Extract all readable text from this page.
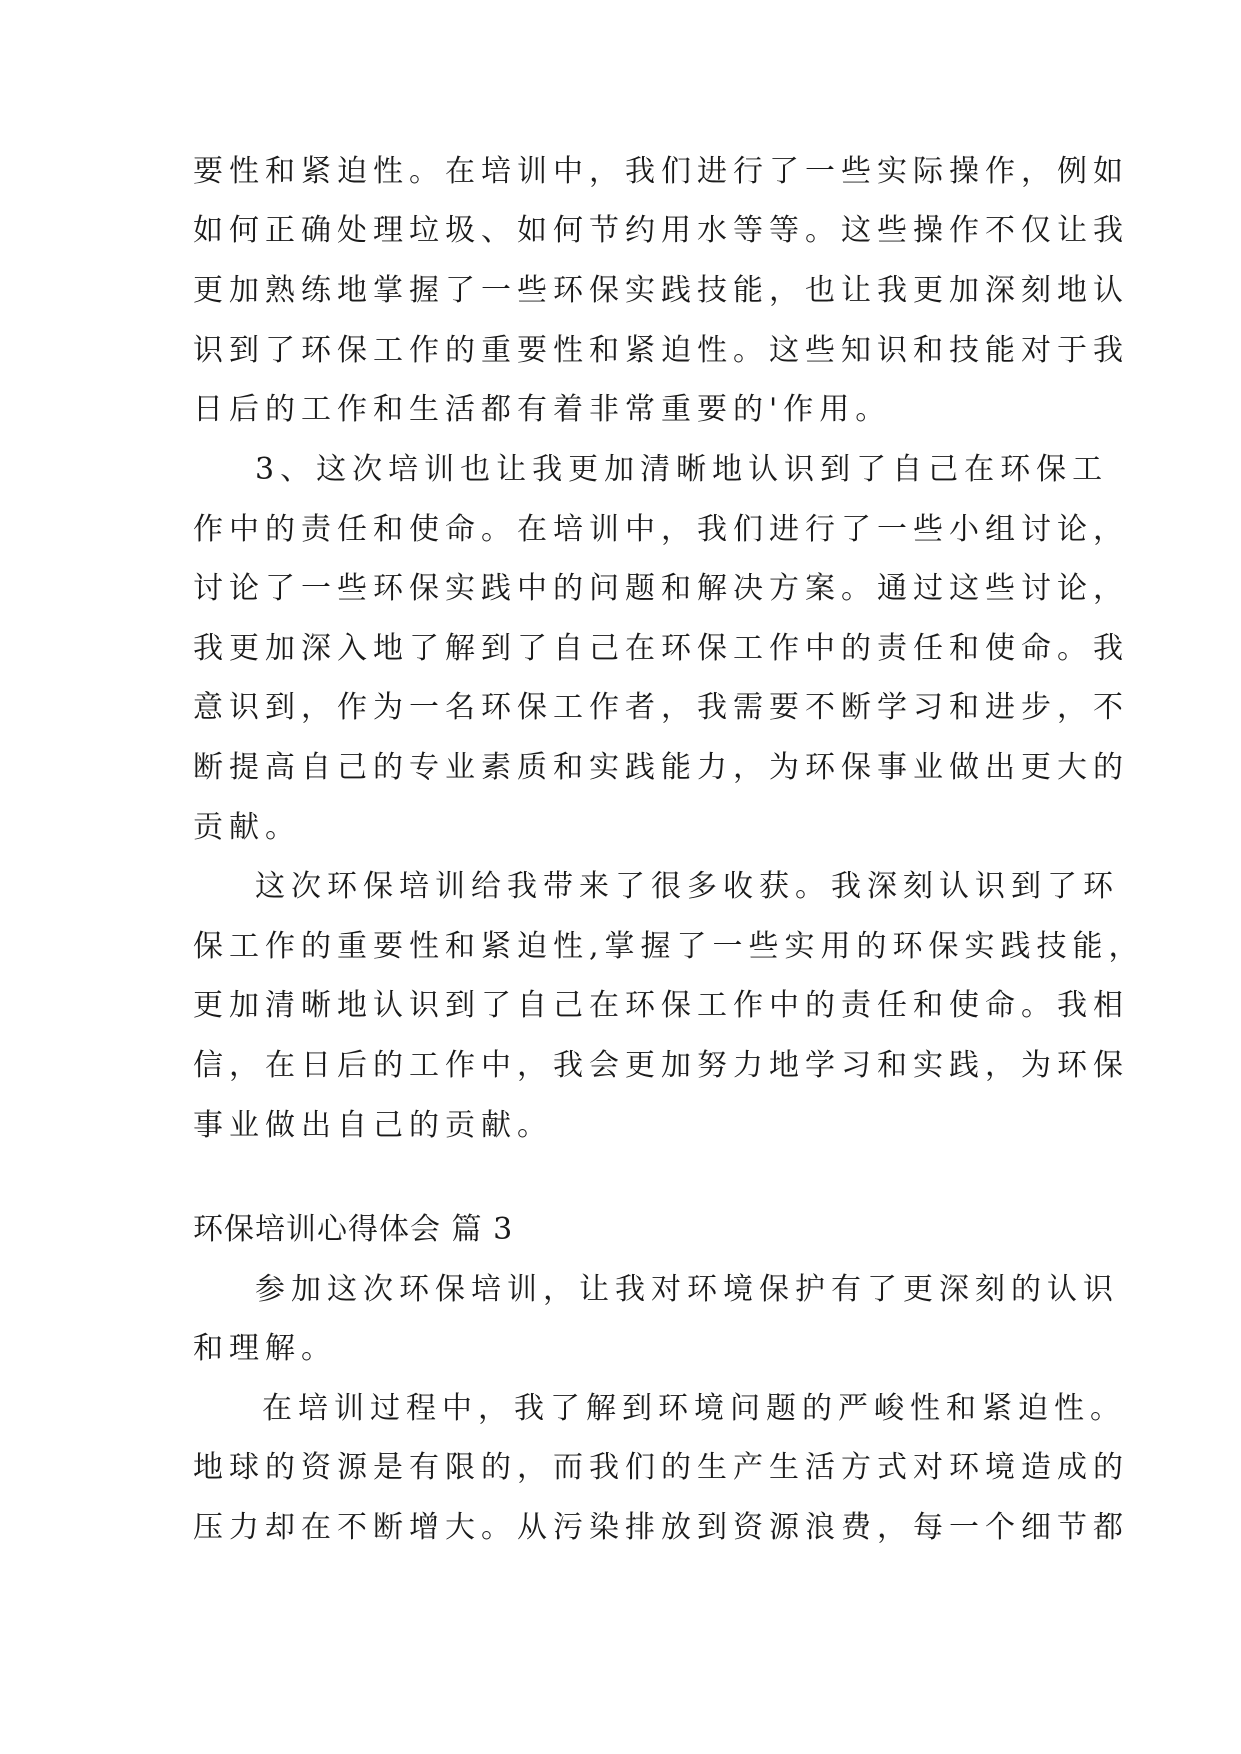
要性和紧迫性。在培训中，我们进行了一些实际操作，例如
如何正确处理垃圾、如何节约用水等等。这些操作不仅让我
更加熟练地掌握了一些环保实践技能，也让我更加深刻地认
识到了环保工作的重要性和紧迫性。这些知识和技能对于我
日后的工作和生活都有着非常重要的'作用。
3、这次培训也让我更加清晰地认识到了自己在环保工
作中的责任和使命。在培训中，我们进行了一些小组讨论，
讨论了一些环保实践中的问题和解决方案。通过这些讨论，
我更加深入地了解到了自己在环保工作中的责任和使命。我
意识到，作为一名环保工作者，我需要不断学习和进步，不
断提高自己的专业素质和实践能力，为环保事业做出更大的
贡献。
这次环保培训给我带来了很多收获。我深刻认识到了环
保工作的重要性和紧迫性,掌握了一些实用的环保实践技能，
更加清晰地认识到了自己在环保工作中的责任和使命。我相
信，在日后的工作中，我会更加努力地学习和实践，为环保
事业做出自己的贡献。
环保培训心得体会 篇 3
参加这次环保培训，让我对环境保护有了更深刻的认识
和理解。
在培训过程中，我了解到环境问题的严峻性和紧迫性。
地球的资源是有限的，而我们的生产生活方式对环境造成的
压力却在不断增大。从污染排放到资源浪费，每一个细节都
